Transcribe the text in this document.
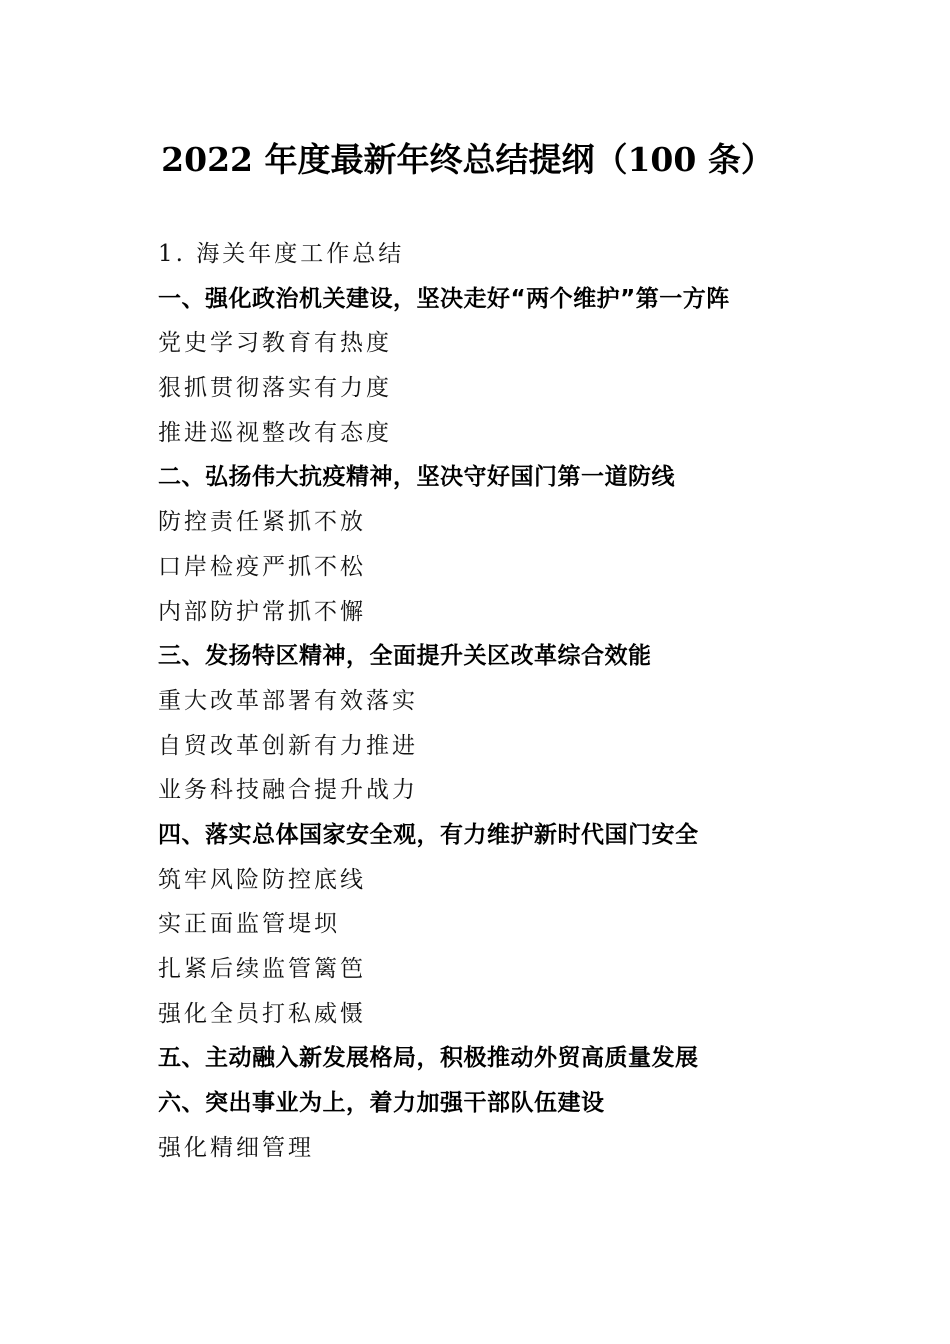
2022 年度最新年终总结提纲（100 条）
1. 海关年度工作总结
一、强化政治机关建设，坚决走好“两个维护”第一方阵
党史学习教育有热度
狠抓贯彻落实有力度
推进巡视整改有态度
二、弘扬伟大抗疫精神，坚决守好国门第一道防线
防控责任紧抓不放
口岸检疫严抓不松
内部防护常抓不懈
三、发扬特区精神，全面提升关区改革综合效能
重大改革部署有效落实
自贸改革创新有力推进
业务科技融合提升战力
四、落实总体国家安全观，有力维护新时代国门安全
筑牢风险防控底线
实正面监管堤坝
扎紧后续监管篱笆
强化全员打私威慑
五、主动融入新发展格局，积极推动外贸高质量发展
六、突出事业为上，着力加强干部队伍建设
强化精细管理
